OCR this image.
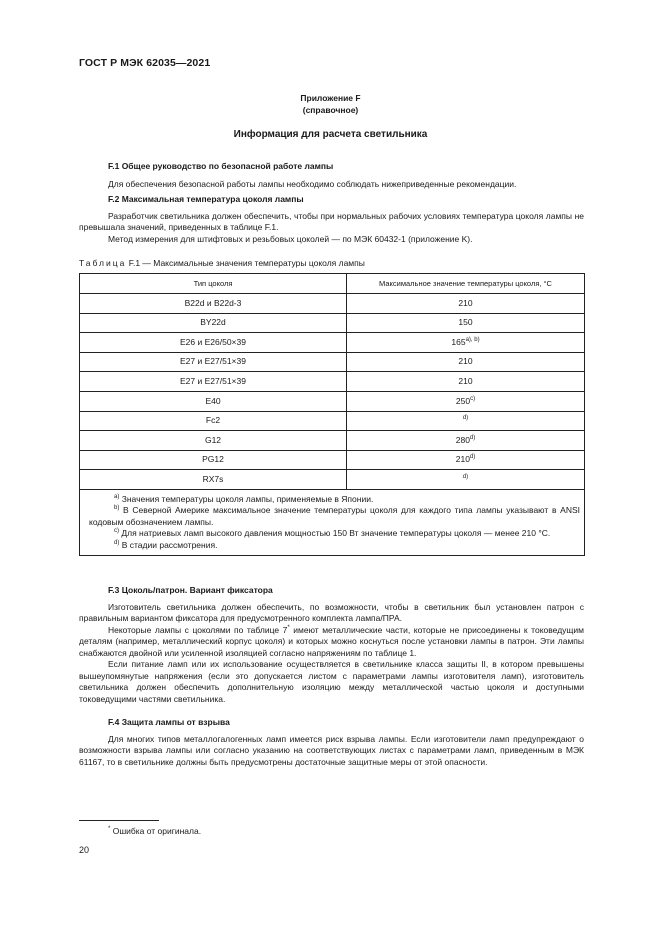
ГОСТ Р МЭК 62035—2021
Приложение F
(справочное)
Информация для расчета светильника
F.1 Общее руководство по безопасной работе лампы

Для обеспечения безопасной работы лампы необходимо соблюдать нижеприведенные рекомендации.

F.2 Максимальная температура цоколя лампы

Разработчик светильника должен обеспечить, чтобы при нормальных рабочих условиях температура цоколя лампы не превышала значений, приведенных в таблице F.1.

Метод измерения для штифтовых и резьбовых цоколей — по МЭК 60432-1 (приложение K).

Таблица F.1 — Максимальные значения температуры цоколя лампы
Тип цоколя	Максимальное значение температуры цоколя, °С
B22d и B22d-3	210
BY22d	150
E26 и E26/50×39	$165^{a), b)}$
E27 и E27/51×39	210
E27 и E27/51×39	210
E40	250$^{c)}$
Fc2	$^{d)}$
G12	280$^{d)}$
PG12	210$^{d)}$
RX7s	$^{d)}$

$^{a)}$ Значения температуры цоколя лампы, применяемые в Японии.

$^{b)}$ В Северной Америке максимальное значение температуры цоколя для каждого типа лампы указывают в ANSI кодовым обозначением лампы.

$^{c)}$ Для натриевых ламп высокого давления мощностью 150 Вт значение температуры цоколя — менее 210 °С.

$^{d)}$ В стадии рассмотрения.	

F.3 Цоколь/патрон. Вариант фиксатора

Изготовитель светильника должен обеспечить, по возможности, чтобы в светильник был установлен патрон с правильным вариантом фиксатора для предусмотренного комплекта лампа/ПРА.

Некоторые лампы с цоколями по таблице 7* имеют металлические части, которые не присоединены к токоведущим деталям (например, металлический корпус цоколя) и которых можно коснуться после установки лампы в патрон. Эти лампы снабжаются двойной или усиленной изоляцией согласно напряжениям по таблице 1.

Если питание ламп или их использование осуществляется в светильнике класса защиты II, в котором превышены вышеупомянутые напряжения (если это допускается листом с параметрами лампы изготовителя ламп), изготовитель светильника должен обеспечить дополнительную изоляцию между металлической частью цоколя и доступными токоведущими частями светильника.

F.4 Защита лампы от взрыва

Для многих типов металлогалогенных ламп имеется риск взрыва лампы. Если изготовители ламп предупреждают о возможности взрыва лампы или согласно указанию на соответствующих листах с параметрами ламп, приведенным в МЭК 61167, то в светильнике должны быть предусмотрены достаточные защитные меры от этой опасности.

* Ошибка от оригинала.
20
